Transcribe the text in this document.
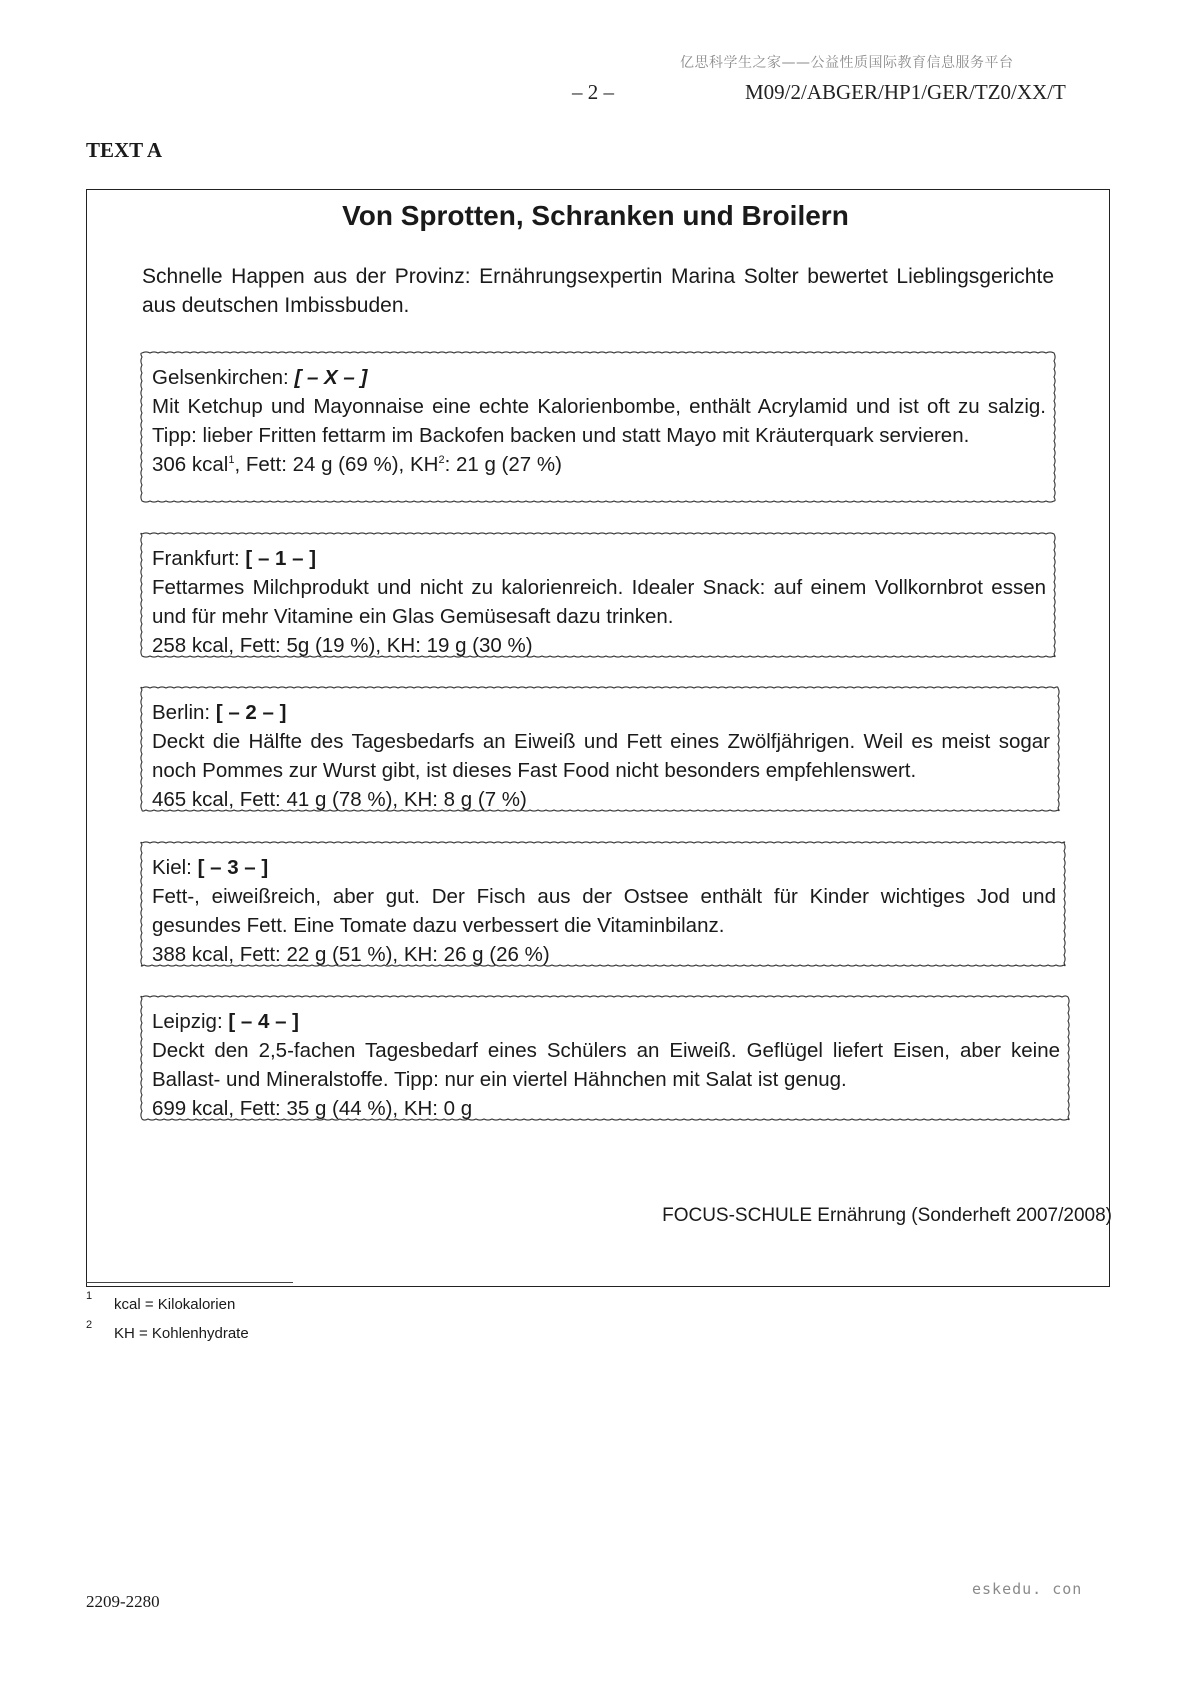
亿思科学生之家——公益性质国际教育信息服务平台
– 2 –	M09/2/ABGER/HP1/GER/TZ0/XX/T
TEXT A
Von Sprotten, Schranken und Broilern
Schnelle Happen aus der Provinz: Ernährungsexpertin Marina Solter bewertet Lieblingsgerichte aus deutschen Imbissbuden.
Gelsenkirchen: [ – X – ]
Mit Ketchup und Mayonnaise eine echte Kalorienbombe, enthält Acrylamid und ist oft zu salzig. Tipp: lieber Fritten fettarm im Backofen backen und statt Mayo mit Kräuterquark servieren.
306 kcal$^1$, Fett: 24 g (69 %), $KH^2$: 21 g (27 %)
Frankfurt: [ – 1 – ]
Fettarmes Milchprodukt und nicht zu kalorienreich. Idealer Snack: auf einem Vollkornbrot essen und für mehr Vitamine ein Glas Gemüsesaft dazu trinken.
258 kcal, Fett: 5g (19 %), KH: 19 g (30 %)
Berlin: [ – 2 – ]
Deckt die Hälfte des Tagesbedarfs an Eiweiß und Fett eines Zwölfjährigen. Weil es meist sogar noch Pommes zur Wurst gibt, ist dieses Fast Food nicht besonders empfehlenswert.
465 kcal, Fett: 41 g (78 %), KH: 8 g (7 %)
Kiel: [ – 3 – ]
Fett-, eiweißreich, aber gut. Der Fisch aus der Ostsee enthält für Kinder wichtiges Jod und gesundes Fett. Eine Tomate dazu verbessert die Vitaminbilanz.
388 kcal, Fett: 22 g (51 %), KH: 26 g (26 %)
Leipzig: [ – 4 – ]
Deckt den 2,5-fachen Tagesbedarf eines Schülers an Eiweiß. Geflügel liefert Eisen, aber keine Ballast- und Mineralstoffe. Tipp: nur ein viertel Hähnchen mit Salat ist genug.
699 kcal, Fett: 35 g (44 %), KH: 0 g
FOCUS-SCHULE Ernährung (Sonderheft 2007/2008)
1 kcal = Kilokalorien
2 KH = Kohlenhydrate
2209-2280
eskedu. con
